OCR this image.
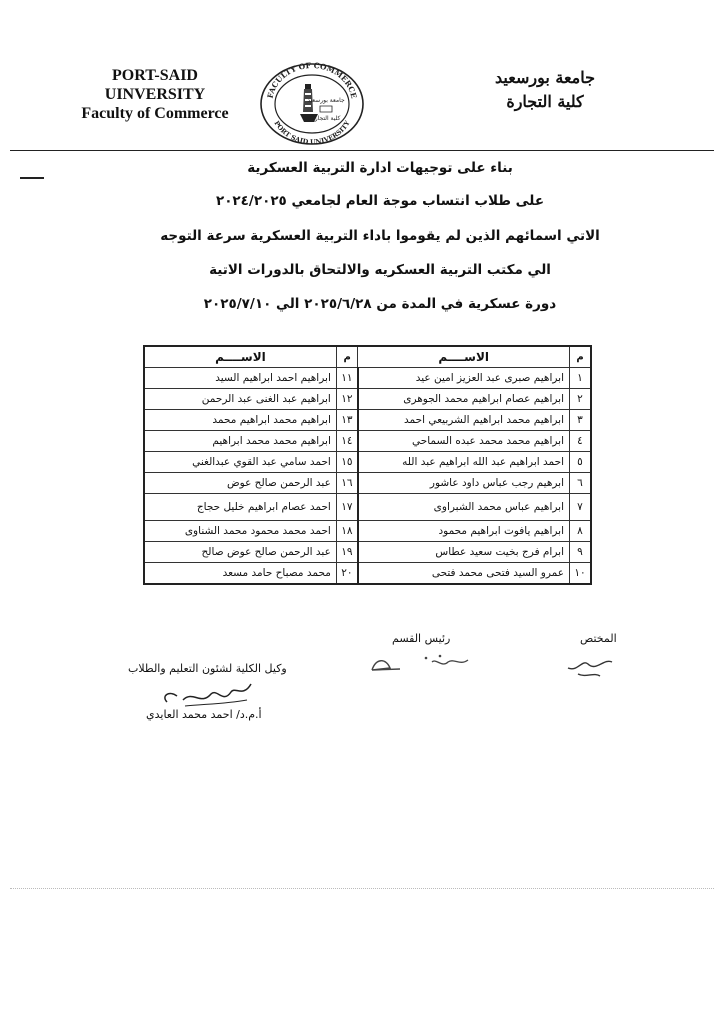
PORT-SAID
UINVERSITY
Faculty of Commerce
جامعة بورسعيد
كلية التجارة
FACULTY OF COMMERCE
PORT SAID UNIVERSITY
جامعة بورسعيد
كلية التجارة
بناء على توجيهات ادارة التربية العسكرية
على طلاب انتساب موجة العام لجامعي ٢٠٢٤/٢٠٢٥
الاتي اسمائهم الذين لم يقوموا باداء التربية العسكرية سرعة التوجه
الي مكتب التربية العسكريه والالتحاق بالدورات الاتية
دورة عسكرية في المدة من ٢٠٢٥/٦/٢٨ الي ٢٠٢٥/٧/١٠
م	الاســــم	م	الاســــم
١	ابراهيم صبرى عبد العزيز امين عيد	١١	ابراهيم احمد ابراهيم السيد
٢	ابراهيم عصام ابراهيم محمد الجوهرى	١٢	ابراهيم عبد الغنى عبد الرحمن
٣	ابراهيم محمد ابراهيم الشربيعي احمد	١٣	ابراهيم محمد ابراهيم محمد
٤	ابراهيم محمد محمد عبده السماحي	١٤	ابراهيم محمد محمد ابراهيم
٥	احمد ابراهيم عبد الله ابراهيم عبد الله	١٥	احمد سامي عبد القوي عبدالغني
٦	ابرهيم رجب عباس داود عاشور	١٦	عبد الرحمن صالح عوض
٧	ابراهيم عباس محمد الشبراوى	١٧	احمد عصام ابراهيم خليل حجاج
٨	ابراهيم يافوت ابراهيم محمود	١٨	احمد محمد محمود محمد الشناوى
٩	ابرام فرج بخيت سعيد عطاس	١٩	عبد الرحمن صالح عوض صالح
١٠	عمرو السيد فتحى محمد فتحى	٢٠	محمد مصباح حامد مسعد
المختص
رئيس القسم
وكيل الكلية لشئون التعليم والطلاب
أ.م.د/ احمد محمد العايدي
